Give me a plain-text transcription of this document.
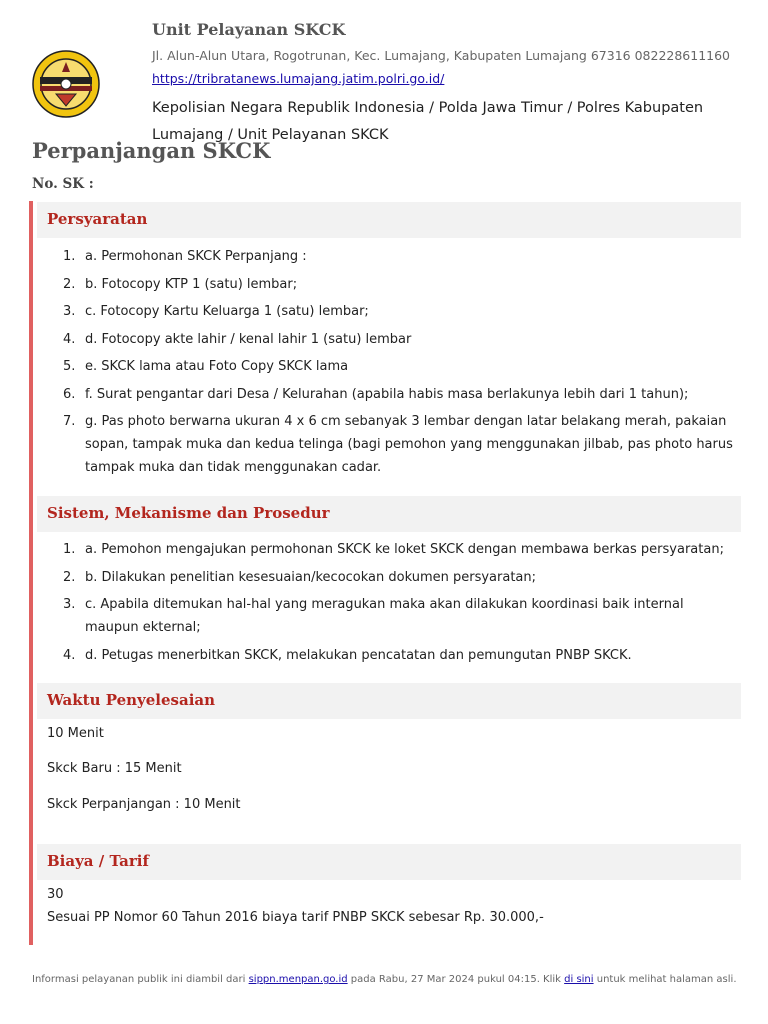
Unit Pelayanan SKCK
Jl. Alun-Alun Utara, Rogotrunan, Kec. Lumajang, Kabupaten Lumajang 67316 082228611160
https://tribratanews.lumajang.jatim.polri.go.id/
Kepolisian Negara Republik Indonesia / Polda Jawa Timur / Polres Kabupaten Lumajang / Unit Pelayanan SKCK
Perpanjangan SKCK
No. SK :
Persyaratan
1. a. Permohonan SKCK Perpanjang :
2. b. Fotocopy KTP 1 (satu) lembar;
3. c. Fotocopy Kartu Keluarga 1 (satu) lembar;
4. d. Fotocopy akte lahir / kenal lahir 1 (satu) lembar
5. e. SKCK lama atau Foto Copy SKCK lama
6. f. Surat pengantar dari Desa / Kelurahan (apabila habis masa berlakunya lebih dari 1 tahun);
7. g. Pas photo berwarna ukuran 4 x 6 cm sebanyak 3 lembar dengan latar belakang merah, pakaian sopan, tampak muka dan kedua telinga (bagi pemohon yang menggunakan jilbab, pas photo harus tampak muka dan tidak menggunakan cadar.
Sistem, Mekanisme dan Prosedur
1. a. Pemohon mengajukan permohonan SKCK ke loket SKCK dengan membawa berkas persyaratan;
2. b. Dilakukan penelitian kesesuaian/kecocokan dokumen persyaratan;
3. c. Apabila ditemukan hal-hal yang meragukan maka akan dilakukan koordinasi baik internal maupun ekternal;
4. d. Petugas menerbitkan SKCK, melakukan pencatatan dan pemungutan PNBP SKCK.
Waktu Penyelesaian
10 Menit
Skck Baru : 15 Menit
Skck Perpanjangan : 10 Menit
Biaya / Tarif
30
Sesuai PP Nomor 60 Tahun 2016 biaya tarif PNBP SKCK sebesar Rp. 30.000,-
Informasi pelayanan publik ini diambil dari sippn.menpan.go.id pada Rabu, 27 Mar 2024 pukul 04:15. Klik di sini untuk melihat halaman asli.
